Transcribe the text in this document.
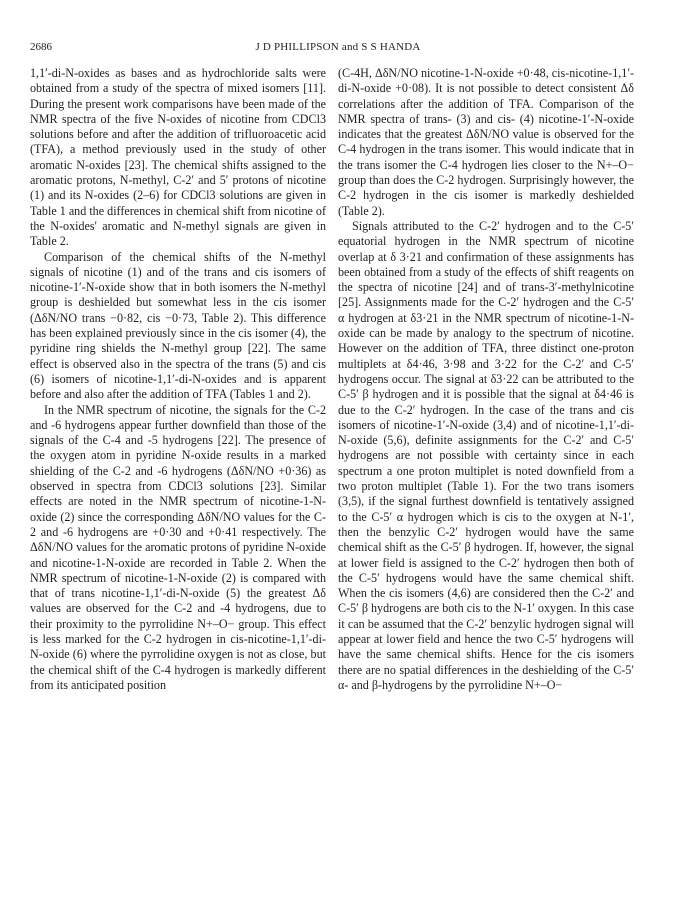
2686	J D PHILLIPSON and S S HANDA

1,1′-di-N-oxides as bases and as hydrochloride salts were obtained from a study of the spectra of mixed isomers [11]. During the present work comparisons have been made of the NMR spectra of the five N-oxides of nicotine from CDCl3 solutions before and after the addition of trifluoroacetic acid (TFA), a method previously used in the study of other aromatic N-oxides [23]. The chemical shifts assigned to the aromatic protons, N-methyl, C-2′ and 5′ protons of nicotine (1) and its N-oxides (2–6) for CDCl3 solutions are given in Table 1 and the differences in chemical shift from nicotine of the N-oxides' aromatic and N-methyl signals are given in Table 2.

Comparison of the chemical shifts of the N-methyl signals of nicotine (1) and of the trans and cis isomers of nicotine-1′-N-oxide show that in both isomers the N-methyl group is deshielded but somewhat less in the cis isomer (ΔδN/NO trans −0·82, cis −0·73, Table 2). This difference has been explained previously since in the cis isomer (4), the pyridine ring shields the N-methyl group [22]. The same effect is observed also in the spectra of the trans (5) and cis (6) isomers of nicotine-1,1′-di-N-oxides and is apparent before and also after the addition of TFA (Tables 1 and 2).

In the NMR spectrum of nicotine, the signals for the C-2 and -6 hydrogens appear further downfield than those of the signals of the C-4 and -5 hydrogens [22]. The presence of the oxygen atom in pyridine N-oxide results in a marked shielding of the C-2 and -6 hydrogens (ΔδN/NO +0·36) as observed in spectra from CDCl3 solutions [23]. Similar effects are noted in the NMR spectrum of nicotine-1-N-oxide (2) since the corresponding ΔδN/NO values for the C-2 and -6 hydrogens are +0·30 and +0·41 respectively. The ΔδN/NO values for the aromatic protons of pyridine N-oxide and nicotine-1-N-oxide are recorded in Table 2. When the NMR spectrum of nicotine-1-N-oxide (2) is compared with that of trans nicotine-1,1′-di-N-oxide (5) the greatest Δδ values are observed for the C-2 and -4 hydrogens, due to their proximity to the pyrrolidine N+–O− group. This effect is less marked for the C-2 hydrogen in cis-nicotine-1,1′-di-N-oxide (6) where the pyrrolidine oxygen is not as close, but the chemical shift of the C-4 hydrogen is markedly different from its anticipated position

(C-4H, ΔδN/NO nicotine-1-N-oxide +0·48, cis-nicotine-1,1′-di-N-oxide +0·08). It is not possible to detect consistent Δδ correlations after the addition of TFA. Comparison of the NMR spectra of trans- (3) and cis- (4) nicotine-1′-N-oxide indicates that the greatest ΔδN/NO value is observed for the C-4 hydrogen in the trans isomer. This would indicate that in the trans isomer the C-4 hydrogen lies closer to the N+–O− group than does the C-2 hydrogen. Surprisingly however, the C-2 hydrogen in the cis isomer is markedly deshielded (Table 2).

Signals attributed to the C-2′ hydrogen and to the C-5′ equatorial hydrogen in the NMR spectrum of nicotine overlap at δ 3·21 and confirmation of these assignments has been obtained from a study of the effects of shift reagents on the spectra of nicotine [24] and of trans-3′-methylnicotine [25]. Assignments made for the C-2′ hydrogen and the C-5′ α hydrogen at δ3·21 in the NMR spectrum of nicotine-1-N-oxide can be made by analogy to the spectrum of nicotine. However on the addition of TFA, three distinct one-proton multiplets at δ4·46, 3·98 and 3·22 for the C-2′ and C-5′ hydrogens occur. The signal at δ3·22 can be attributed to the C-5′ β hydrogen and it is possible that the signal at δ4·46 is due to the C-2′ hydrogen. In the case of the trans and cis isomers of nicotine-1′-N-oxide (3,4) and of nicotine-1,1′-di-N-oxide (5,6), definite assignments for the C-2′ and C-5′ hydrogens are not possible with certainty since in each spectrum a one proton multiplet is noted downfield from a two proton multiplet (Table 1). For the two trans isomers (3,5), if the signal furthest downfield is tentatively assigned to the C-5′ α hydrogen which is cis to the oxygen at N-1′, then the benzylic C-2′ hydrogen would have the same chemical shift as the C-5′ β hydrogen. If, however, the signal at lower field is assigned to the C-2′ hydrogen then both of the C-5′ hydrogens would have the same chemical shift. When the cis isomers (4,6) are considered then the C-2′ and C-5′ β hydrogens are both cis to the N-1′ oxygen. In this case it can be assumed that the C-2′ benzylic hydrogen signal will appear at lower field and hence the two C-5′ hydrogens will have the same chemical shifts. Hence for the cis isomers there are no spatial differences in the deshielding of the C-5′ α- and β-hydrogens by the pyrrolidine N+–O−
